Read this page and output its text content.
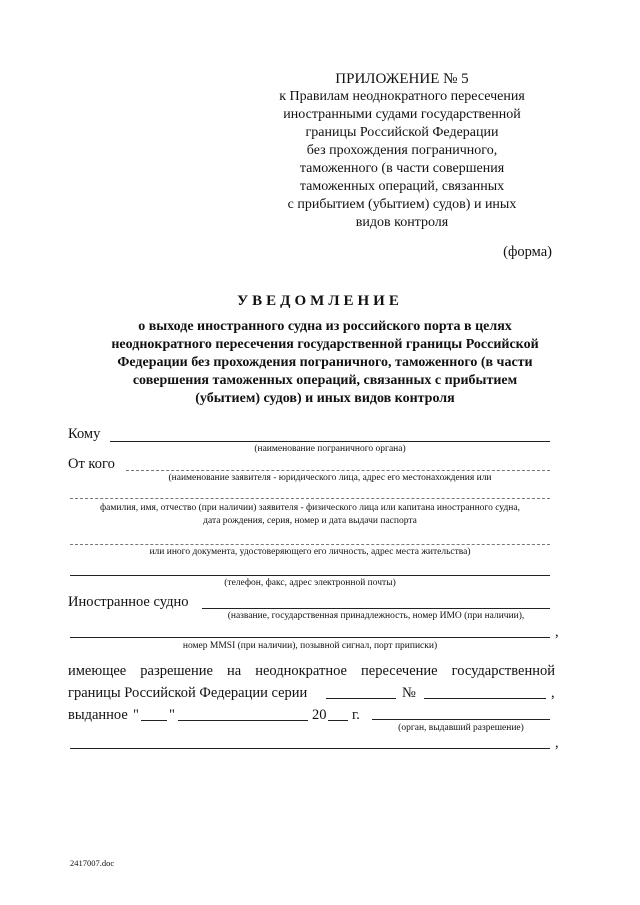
ПРИЛОЖЕНИЕ № 5
к Правилам неоднократного пересечения
иностранными судами государственной
границы Российской Федерации
без прохождения пограничного,
таможенного (в части совершения
таможенных операций, связанных
с прибытием (убытием) судов) и иных
видов контроля
(форма)
УВЕДОМЛЕНИЕ
о выходе иностранного судна из российского порта в целях
неоднократного пересечения государственной границы Российской
Федерации без прохождения пограничного, таможенного (в части
совершения таможенных операций, связанных с прибытием
(убытием) судов) и иных видов контроля
Кому
(наименование пограничного органа)
От кого
(наименование заявителя - юридического лица, адрес его местонахождения или
фамилия, имя, отчество (при наличии) заявителя - физического лица или капитана иностранного судна,
дата рождения, серия, номер и дата выдачи паспорта
или иного документа, удостоверяющего его личность, адрес места жительства)
(телефон, факс, адрес электронной почты)
Иностранное судно
(название, государственная принадлежность, номер ИМО (при наличии),
,
номер MMSI (при наличии), позывной сигнал, порт приписки)
имеющее разрешение на неоднократное пересечение государственной
границы Российской Федерации серии	№	,
выданное " "	20 г.
(орган, выдавший разрешение)
,
2417007.doc
